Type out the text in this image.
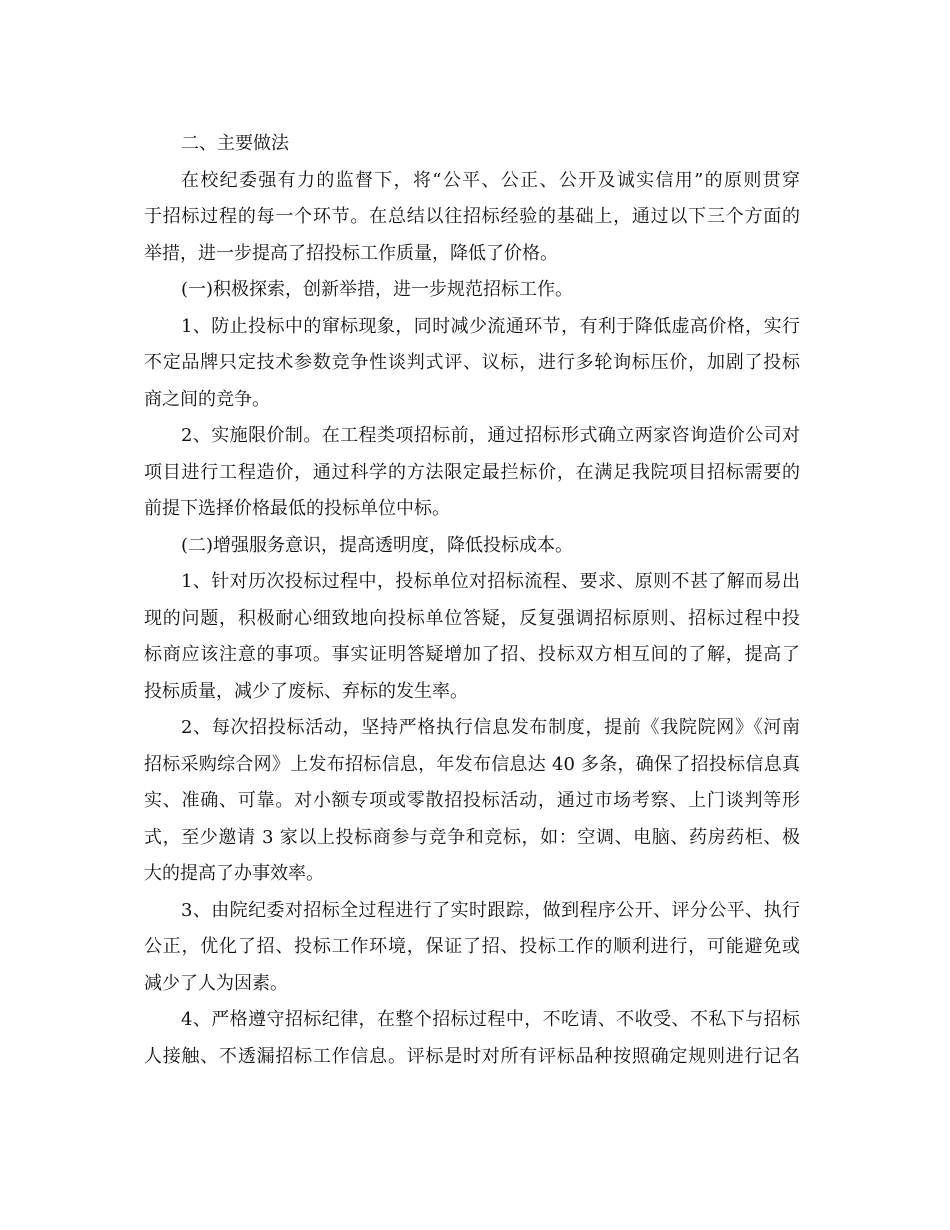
二、主要做法
在校纪委强有力的监督下，将“公平、公正、公开及诚实信用”的原则贯穿
于招标过程的每一个环节。在总结以往招标经验的基础上，通过以下三个方面的
举措，进一步提高了招投标工作质量，降低了价格。
(一)积极探索，创新举措，进一步规范招标工作。
1、防止投标中的窜标现象，同时减少流通环节，有利于降低虚高价格，实行
不定品牌只定技术参数竞争性谈判式评、议标，进行多轮询标压价，加剧了投标
商之间的竞争。
2、实施限价制。在工程类项招标前，通过招标形式确立两家咨询造价公司对
项目进行工程造价，通过科学的方法限定最拦标价，在满足我院项目招标需要的
前提下选择价格最低的投标单位中标。
(二)增强服务意识，提高透明度，降低投标成本。
1、针对历次投标过程中，投标单位对招标流程、要求、原则不甚了解而易出
现的问题，积极耐心细致地向投标单位答疑，反复强调招标原则、招标过程中投
标商应该注意的事项。事实证明答疑增加了招、投标双方相互间的了解，提高了
投标质量，减少了废标、弃标的发生率。
2、每次招投标活动，坚持严格执行信息发布制度，提前《我院院网》《河南
招标采购综合网》上发布招标信息，年发布信息达 40 多条，确保了招投标信息真
实、准确、可靠。对小额专项或零散招投标活动，通过市场考察、上门谈判等形
式，至少邀请 3 家以上投标商参与竞争和竞标，如：空调、电脑、药房药柜、极
大的提高了办事效率。
3、由院纪委对招标全过程进行了实时跟踪，做到程序公开、评分公平、执行
公正，优化了招、投标工作环境，保证了招、投标工作的顺利进行，可能避免或
减少了人为因素。
4、严格遵守招标纪律，在整个招标过程中，不吃请、不收受、不私下与招标
人接触、不透漏招标工作信息。评标是时对所有评标品种按照确定规则进行记名
